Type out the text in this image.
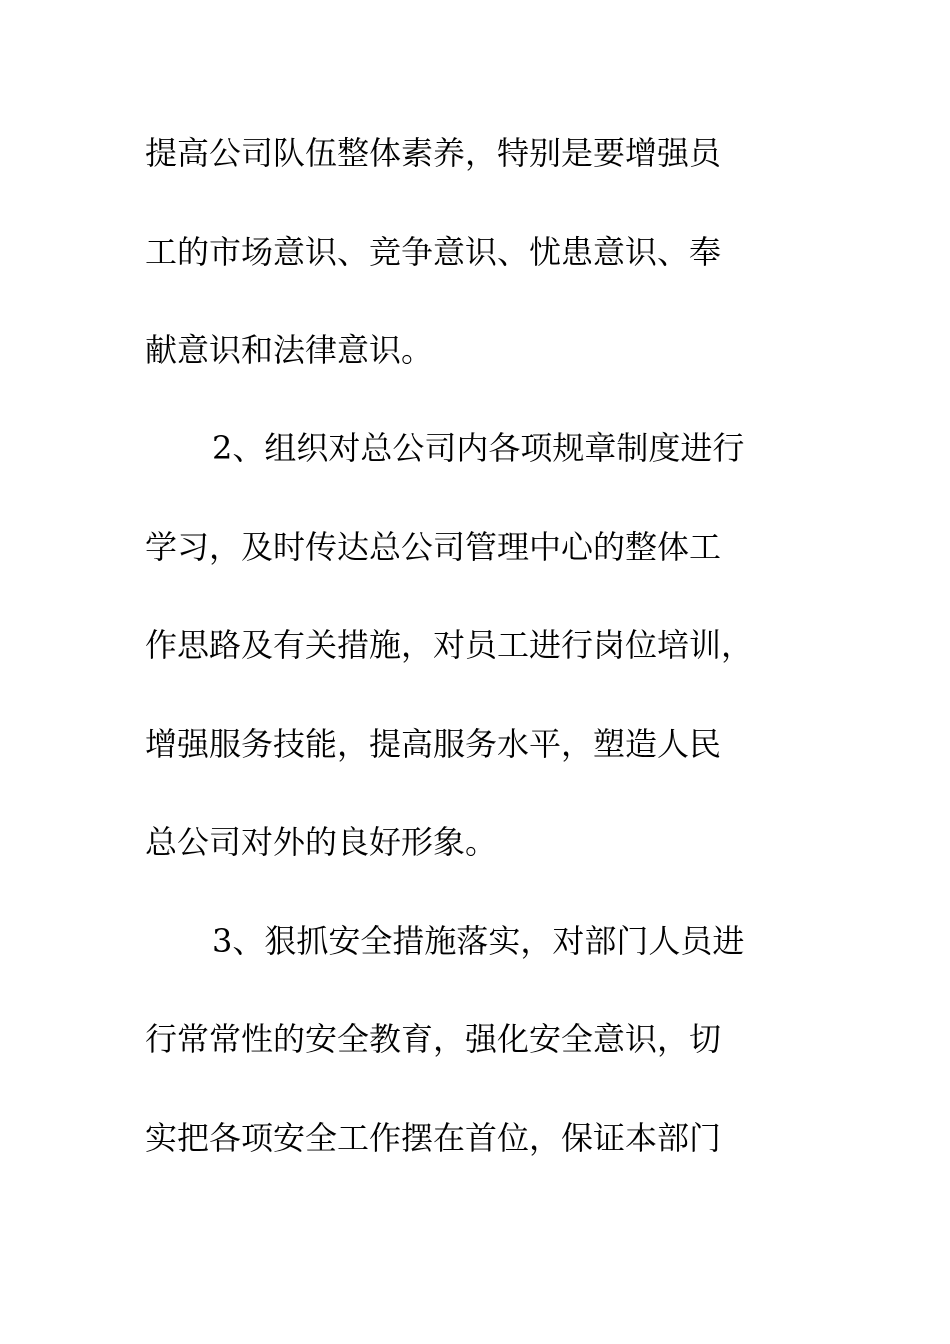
提高公司队伍整体素养，特别是要增强员

工的市场意识、竞争意识、忧患意识、奉

献意识和法律意识。

2、组织对总公司内各项规章制度进行

学习，及时传达总公司管理中心的整体工

作思路及有关措施，对员工进行岗位培训，

增强服务技能，提高服务水平，塑造人民

总公司对外的良好形象。

3、狠抓安全措施落实，对部门人员进

行常常性的安全教育，强化安全意识，切

实把各项安全工作摆在首位，保证本部门
